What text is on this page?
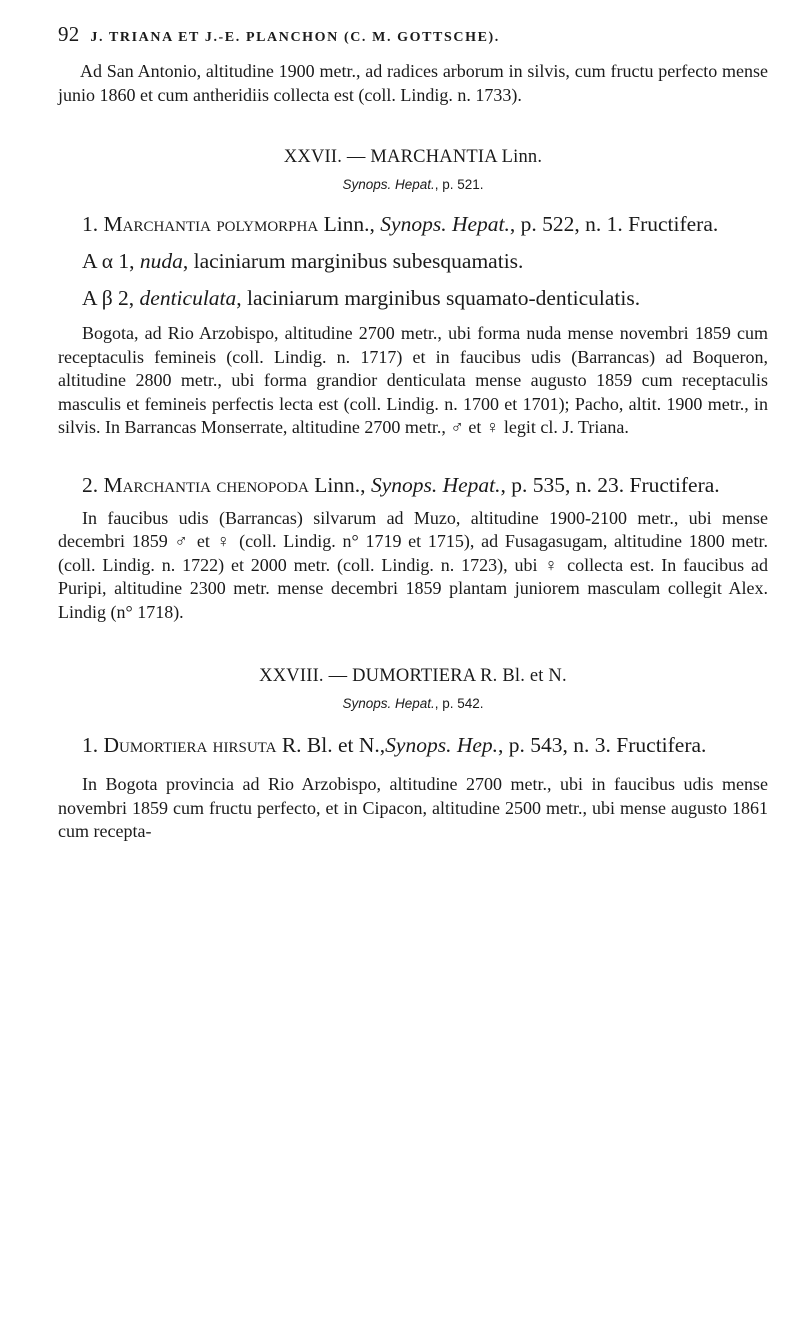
92 J. TRIANA ET J.-E. PLANCHON (C. M. GOTTSCHE).

Ad San Antonio, altitudine 1900 metr., ad radices arborum in silvis, cum fructu perfecto mense junio 1860 et cum antheridiis collecta est (coll. Lindig. n. 1733).

XXVII. — MARCHANTIA Linn.

Synops. Hepat., p. 521.

1. Marchantia polymorpha Linn., Synops. Hepat., p. 522, n. 1. Fructifera.

A α 1, nuda, laciniarum marginibus subesquamatis.

A β 2, denticulata, laciniarum marginibus squamato-denticulatis.

Bogota, ad Rio Arzobispo, altitudine 2700 metr., ubi forma nuda mense novembri 1859 cum receptaculis femineis (coll. Lindig. n. 1717) et in faucibus udis (Barrancas) ad Boqueron, altitudine 2800 metr., ubi forma grandior denticulata mense augusto 1859 cum receptaculis masculis et femineis perfectis lecta est (coll. Lindig. n. 1700 et 1701); Pacho, altit. 1900 metr., in silvis. In Barrancas Monserrate, altitudine 2700 metr., ♂ et ♀ legit cl. J. Triana.

2. Marchantia chenopoda Linn., Synops. Hepat., p. 535, n. 23. Fructifera.

In faucibus udis (Barrancas) silvarum ad Muzo, altitudine 1900-2100 metr., ubi mense decembri 1859 ♂ et ♀ (coll. Lindig. n° 1719 et 1715), ad Fusagasugam, altitudine 1800 metr. (coll. Lindig. n. 1722) et 2000 metr. (coll. Lindig. n. 1723), ubi ♀ collecta est. In faucibus ad Puripi, altitudine 2300 metr. mense decembri 1859 plantam juniorem masculam collegit Alex. Lindig (n° 1718).

XXVIII. — DUMORTIERA R. Bl. et N.

Synops. Hepat., p. 542.

1. Dumortiera hirsuta R. Bl. et N.,Synops. Hep., p. 543, n. 3. Fructifera.

In Bogota provincia ad Rio Arzobispo, altitudine 2700 metr., ubi in faucibus udis mense novembri 1859 cum fructu perfecto, et in Cipacon, altitudine 2500 metr., ubi mense augusto 1861 cum recepta-
